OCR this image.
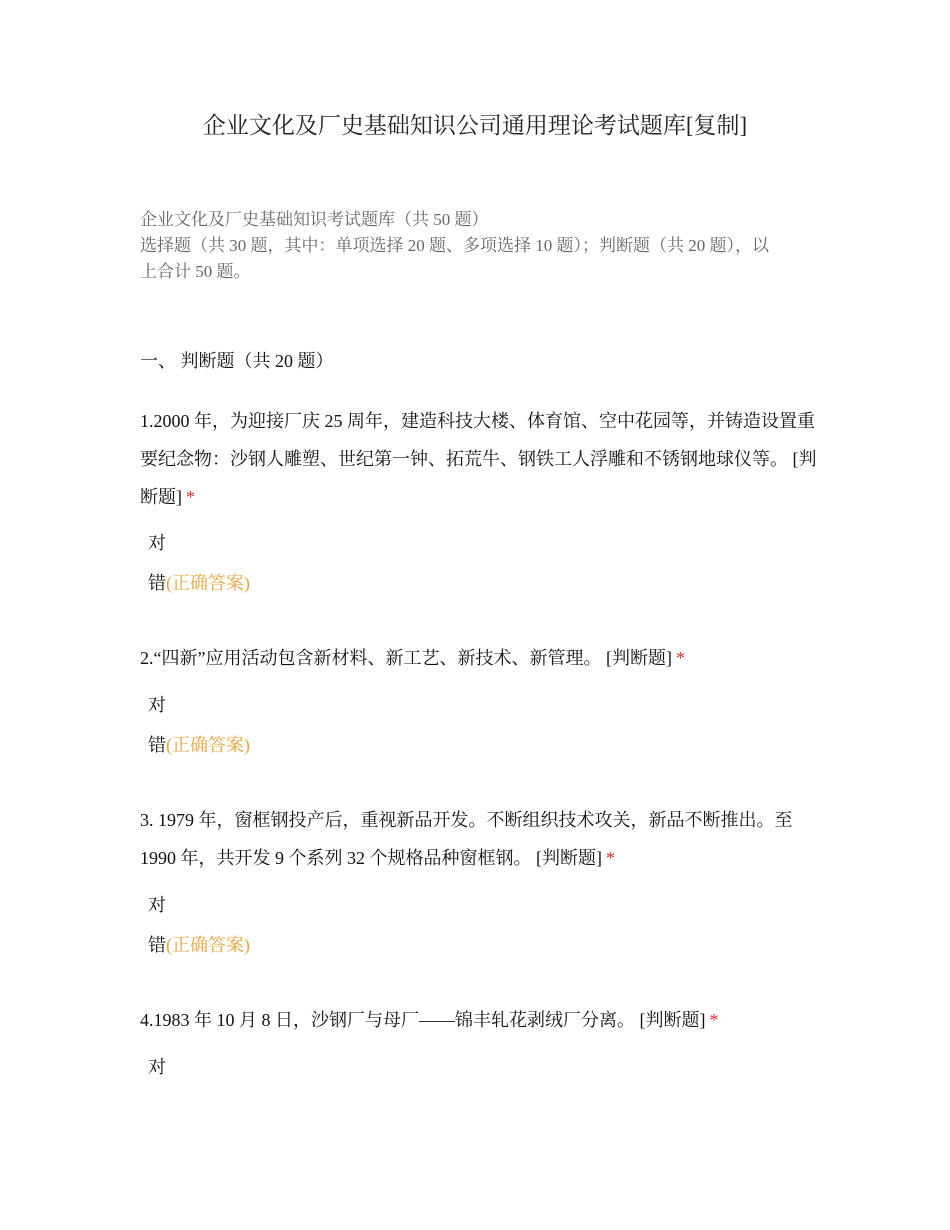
企业文化及厂史基础知识公司通用理论考试题库[复制]

企业文化及厂史基础知识考试题库（共 50 题）

选择题（共 30 题，其中：单项选择 20 题、多项选择 10 题）；判断题（共 20 题），以上合计 50 题。

一、 判断题（共 20 题）
1.2000 年，为迎接厂庆 25 周年，建造科技大楼、体育馆、空中花园等，并铸造设置重要纪念物：沙钢人雕塑、世纪第一钟、拓荒牛、钢铁工人浮雕和不锈钢地球仪等。 [判断题] *
对
错(正确答案)
2.“四新”应用活动包含新材料、新工艺、新技术、新管理。 [判断题] *
对
错(正确答案)
3. 1979 年，窗框钢投产后，重视新品开发。不断组织技术攻关，新品不断推出。至 1990 年，共开发 9 个系列 32 个规格品种窗框钢。 [判断题] *
对
错(正确答案)
4.1983 年 10 月 8 日，沙钢厂与母厂——锦丰轧花剥绒厂分离。 [判断题] *
对
